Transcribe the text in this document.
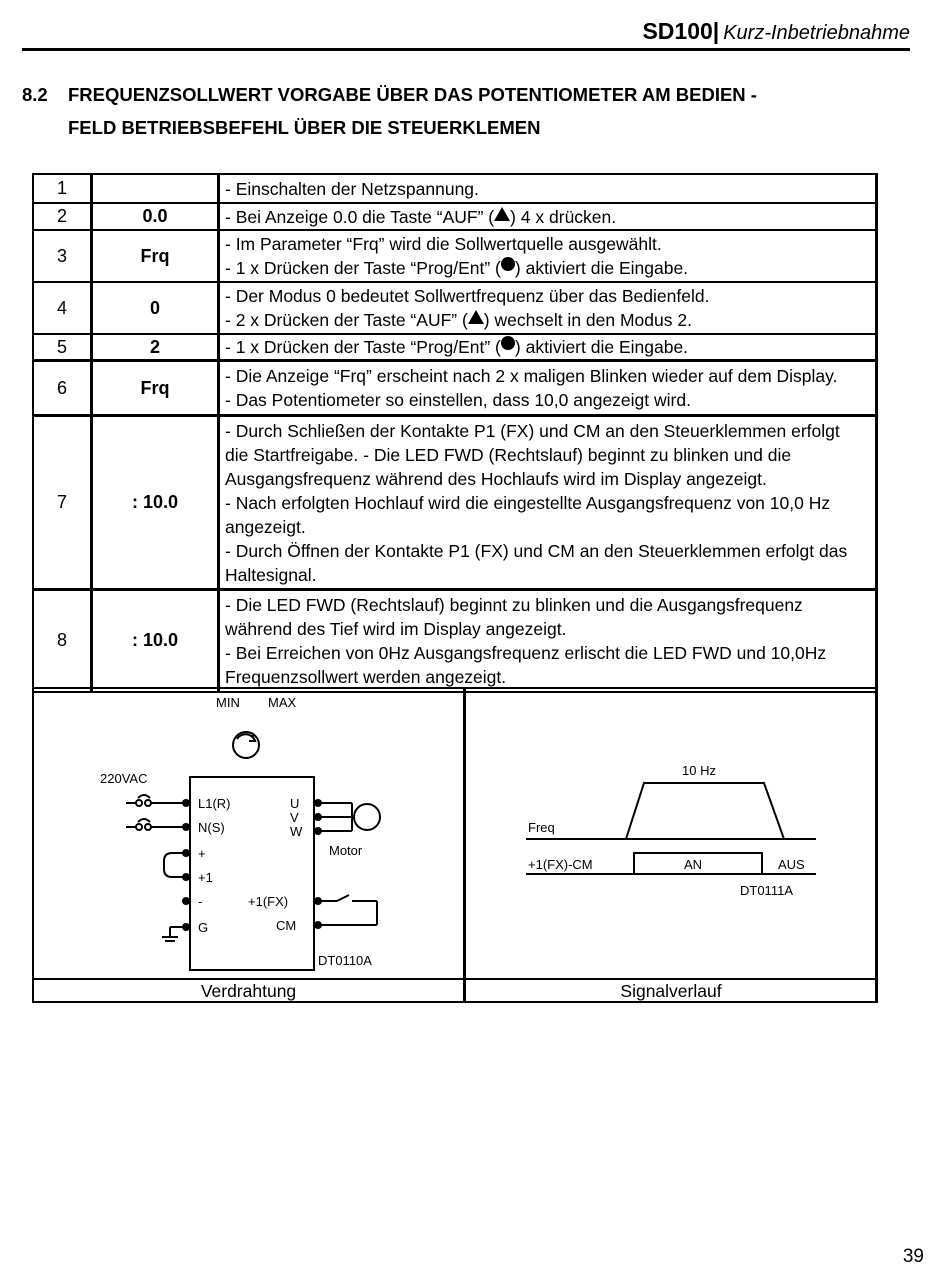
SD100| Kurz-Inbetriebnahme
8.2 FREQUENZSOLLWERT VORGABE ÜBER DAS POTENTIOMETER AM BEDIEN -
FELD BETRIEBSBEFEHL ÜBER DIE STEUERKLEMEN
1		- Einschalten der Netzspannung.

2	0.0	- Bei Anzeige 0.0 die Taste “AUF” ( ) 4 x drücken.

3	Frq	- Im Parameter “Frq” wird die Sollwertquelle ausgewählt.

- 1 x Drücken der Taste “Prog/Ent” ( ) aktiviert die Eingabe.

4	0	- Der Modus 0 bedeutet Sollwertfrequenz über das Bedienfeld.

- 2 x Drücken der Taste “AUF” ( ) wechselt in den Modus 2.

5	2	- 1 x Drücken der Taste “Prog/Ent” ( ) aktiviert die Eingabe.

6	Frq	- Die Anzeige “Frq” erscheint nach 2 x maligen Blinken wieder auf dem Display.

- Das Potentiometer so einstellen, dass 10,0 angezeigt wird.

7	: 10.0	- Durch Schließen der Kontakte P1 (FX) und CM an den Steuerklemmen erfolgt die Startfreigabe. - Die LED FWD (Rechtslauf) beginnt zu blinken und die Ausgangsfrequenz während des Hochlaufs wird im Display angezeigt.

- Nach erfolgten Hochlauf wird die eingestellte Ausgangsfrequenz von 10,0 Hz angezeigt.

- Durch Öffnen der Kontakte P1 (FX) und CM an den Steuerklemmen erfolgt das Haltesignal.

8	: 10.0	- Die LED FWD (Rechtslauf) beginnt zu blinken und die Ausgangsfrequenz während des Tief wird im Display angezeigt.

- Bei Erreichen von 0Hz Ausgangsfrequenz erlischt die LED FWD und 10,0Hz Frequenzsollwert werden angezeigt.

MIN MAX
220VAC
L1(R)
N(S)
+
+1
-
G
U
V
W
Motor
+1(FX)
CM
DT0110A
10 Hz
Freq
+1(FX)-CM	AN	AUS
DT0111A
Verdrahtung	Signalverlauf
39
